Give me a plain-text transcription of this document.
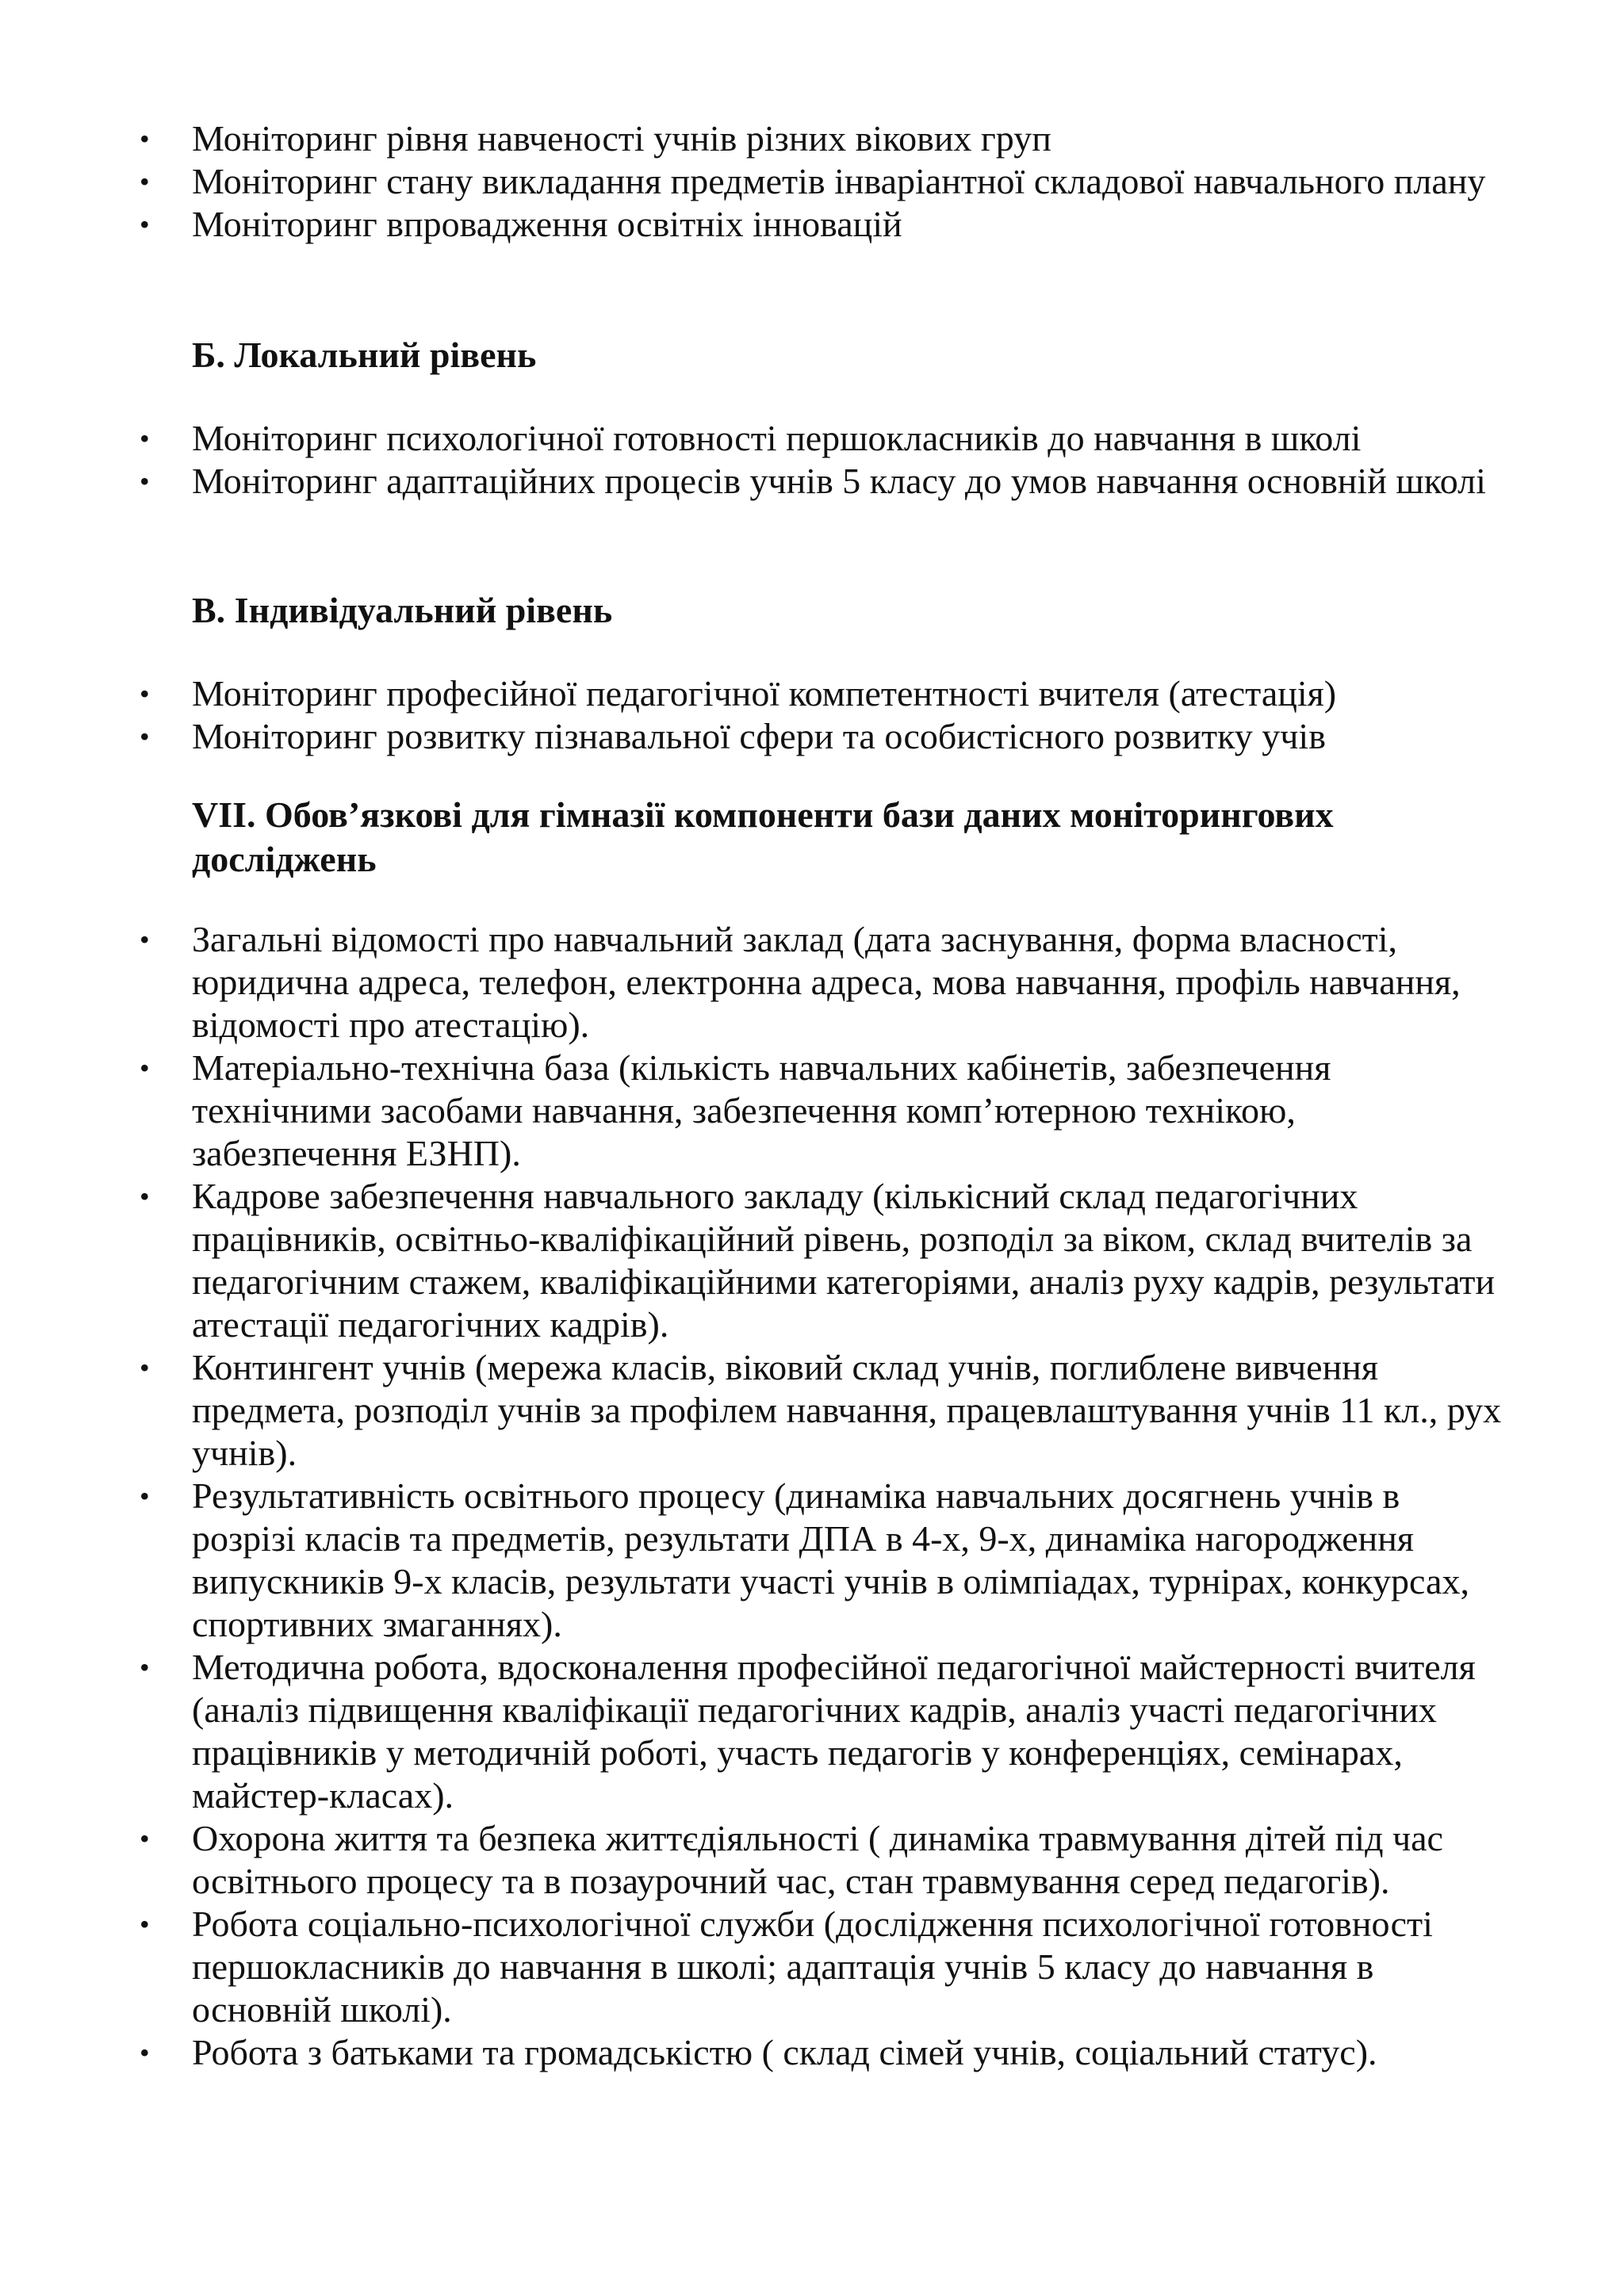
• Моніторинг рівня навченості учнів різних вікових груп
• Моніторинг стану викладання предметів інваріантної складової навчального плану
• Моніторинг впровадження освітніх інновацій
Б. Локальний рівень
• Моніторинг психологічної готовності першокласників до навчання в школі
• Моніторинг адаптаційних процесів учнів 5 класу до умов навчання основній школі
В. Індивідуальний рівень
• Моніторинг професійної педагогічної компетентності вчителя (атестація)
• Моніторинг розвитку пізнавальної сфери та особистісного розвитку учів
VII. Обов’язкові для гімназії компоненти бази даних моніторингових досліджень
• Загальні відомості про навчальний заклад (дата заснування, форма власності, юридична адреса, телефон, електронна адреса, мова навчання, профіль навчання, відомості про атестацію).
• Матеріально-технічна база (кількість навчальних кабінетів, забезпечення технічними засобами навчання, забезпечення комп’ютерною технікою, забезпечення ЕЗНП).
• Кадрове забезпечення навчального закладу (кількісний склад педагогічних працівників, освітньо-кваліфікаційний рівень, розподіл за віком, склад вчителів за педагогічним стажем, кваліфікаційними категоріями, аналіз руху кадрів, результати атестації педагогічних кадрів).
• Контингент учнів (мережа класів, віковий склад учнів, поглиблене вивчення предмета, розподіл учнів за профілем навчання, працевлаштування учнів 11 кл., рух учнів).
• Результативність освітнього процесу (динаміка навчальних досягнень учнів в розрізі класів та предметів, результати ДПА в 4-х, 9-х, динаміка нагородження випускників 9-х класів, результати участі учнів в олімпіадах, турнірах, конкурсах, спортивних змаганнях).
• Методична робота, вдосконалення професійної педагогічної майстерності вчителя (аналіз підвищення кваліфікації педагогічних кадрів, аналіз участі педагогічних працівників у методичній роботі, участь педагогів у конференціях, семінарах, майстер-класах).
• Охорона життя та безпека життєдіяльності ( динаміка травмування дітей під час освітнього процесу та в позаурочний час, стан травмування серед педагогів).
• Робота соціально-психологічної служби (дослідження психологічної готовності першокласників до навчання в школі; адаптація учнів 5 класу до навчання в основній школі).
• Робота з батьками та громадськістю ( склад сімей учнів, соціальний статус).
